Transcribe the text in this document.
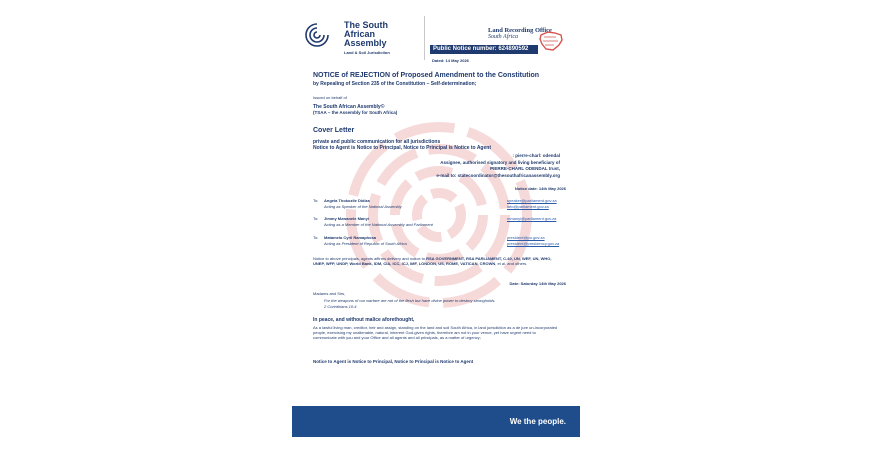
The South
African
Assembly
Land & Soil Jurisdiction
Land Recording Office
South Africa
Public Notice number: 624890592
Dated: 14 May 2026
NOTICE of REJECTION of Proposed Amendment to the Constitution
by Repealing of Section 235 of the Constitution – Self-determination;
Issued on behalf of
The South African Assembly©
(TSAA – the Assembly for South Africa)
Cover Letter
private and public communication for all jurisdictions
Notice to Agent is Notice to Principal, Notice to Principal is Notice to Agent
: pierre-charl: odendal
Assignee, authorised signatory and living beneficiary of
PIERRE-CHARL ODENDAL trust,
e-mail to: statecoordinator@thesouthafricanassembly.org
Notice date: 14th May 2026
To: Angela Thokozile Didiza
Acting as Speaker of the National Assembly
speaker@parliament.gov.za
info@parliament.gov.za
To: Jimmy Mzwanele Manyi
Acting as a Member of the National Assembly and Parliament
mmanyi@parliament.gov.za
To: Matamela Cyril Ramaphosa
Acting as President of Republic of South Africa
president@po.gov.za
president@presidency.gov.za

Notice to above principals, agents affirms delivery and notice to RSA GOVERNMENT, RSA PARLIAMENT, C-40, UN, WEF, UN, WHO, UNEP, WFP, UNDP, World Bank, IDM, CIA, ICC, ICJ, IMF, LONDON, US, ROME, VATICAN, CROWN, et al. and others.

Date: Saturday 14th May 2026
Madams and Sirs,
For the weapons of our warfare are not of the flesh but have divine power to destroy strongholds.
2 Corinthians 10:4
In peace, and without malice aforethought,

As a lawful living man, creditor, heir and assign, standing on the land and soil South Africa, in land jurisdiction as a de jure un-incorporated people, exercising my unalienable, natural, inherent God-given rights, therefore am not in your venue, yet have urgent need to communicate with you and your Office and all agents and all principals, as a matter of urgency;

Notice to Agent is Notice to Principal, Notice to Principal is Notice to Agent
We the people.
